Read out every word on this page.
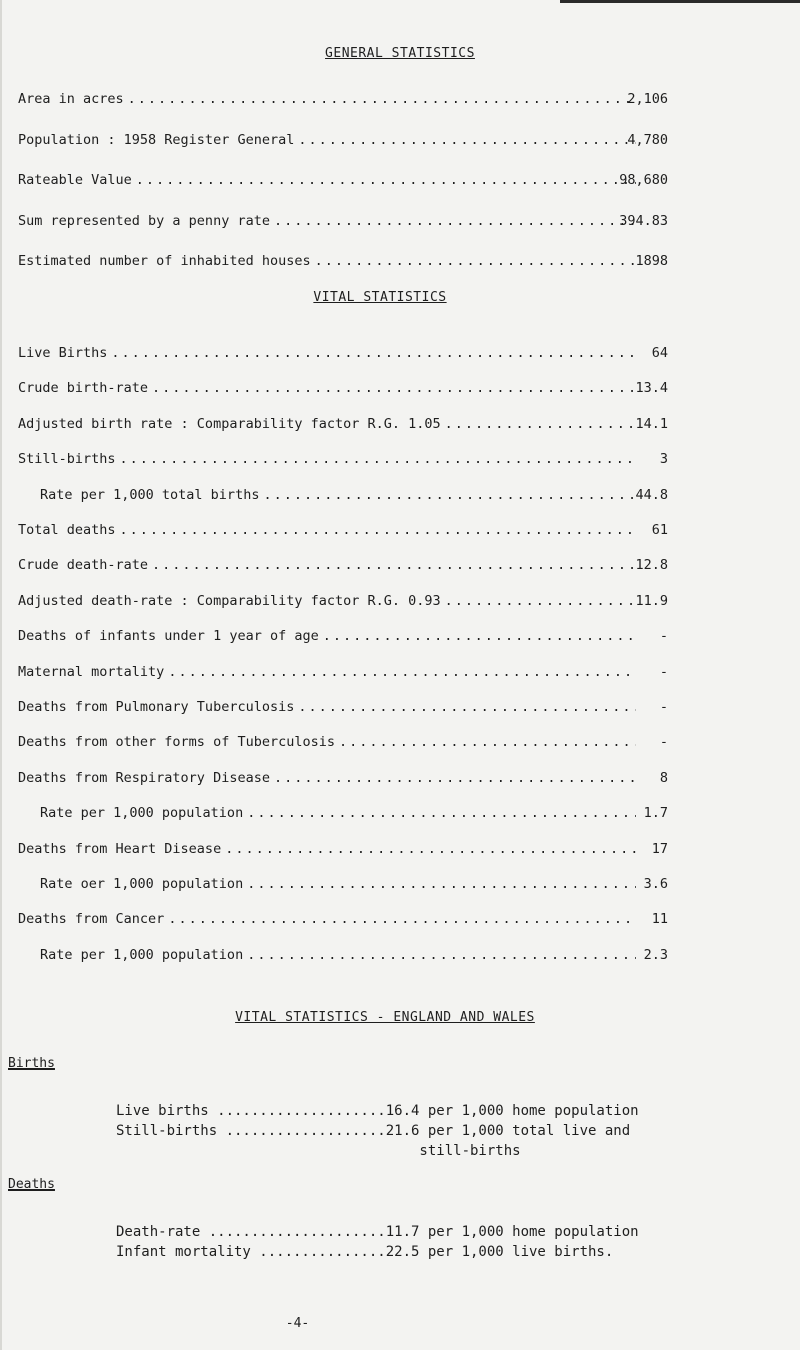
GENERAL STATISTICS
Area in acres .....	2,106
Population : 1958 Register General .....	4,780
Rateable Value .....	98,680
Sum represented by a penny rate .....	394.83
Estimated number of inhabited houses .....	1898
VITAL STATISTICS
Live Births .....	64
Crude birth-rate .....	13.4
Adjusted birth rate : Comparability factor R.G. 1.05 .....	14.1
Still-births .....	3
Rate per 1,000 total births .....	44.8
Total deaths .....	61
Crude death-rate .....	12.8
Adjusted death-rate : Comparability factor R.G. 0.93 .....	11.9
Deaths of infants under 1 year of age .....	-
Maternal mortality .....	-
Deaths from Pulmonary Tuberculosis .....	-
Deaths from other forms of Tuberculosis .....	-
Deaths from Respiratory Disease .....	8
Rate per 1,000 population .....	1.7
Deaths from Heart Disease .....	17
Rate oer 1,000 population .....	3.6
Deaths from Cancer .....	11
Rate per 1,000 population .....	2.3
VITAL STATISTICS - ENGLAND AND WALES
Births
Live births ....................16.4 per 1,000 home population
Still-births ...................21.6 per 1,000 total live and
still-births
Deaths
Death-rate .....................11.7 per 1,000 home population
Infant mortality ...............22.5 per 1,000 live births.
-4-
